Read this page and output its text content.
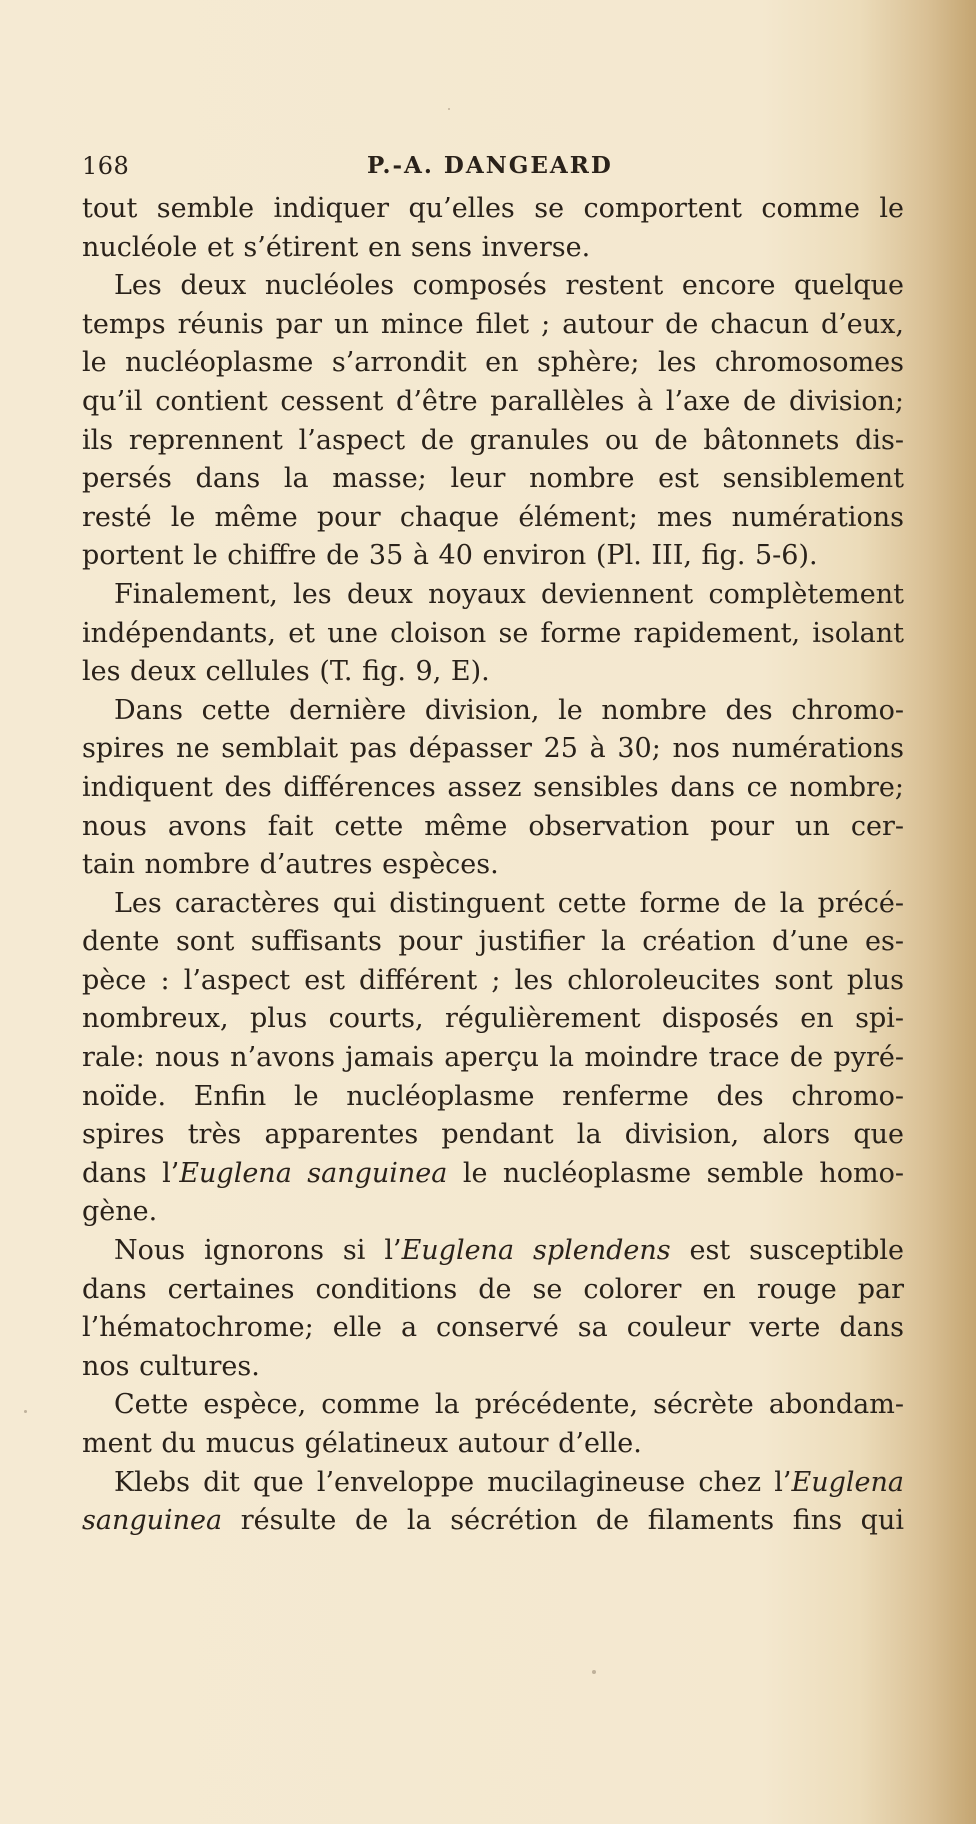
168	P.-A. DANGEARD
tout semble indiquer qu’elles se comportent comme le
nucléole et s’étirent en sens inverse.
Les deux nucléoles composés restent encore quelque
temps réunis par un mince filet ; autour de chacun d’eux,
le nucléoplasme s’arrondit en sphère; les chromosomes
qu’il contient cessent d’être parallèles à l’axe de division;
ils reprennent l’aspect de granules ou de bâtonnets dis-
persés dans la masse; leur nombre est sensiblement
resté le même pour chaque élément; mes numérations
portent le chiffre de 35 à 40 environ (Pl. III, fig. 5-6).
Finalement, les deux noyaux deviennent complètement
indépendants, et une cloison se forme rapidement, isolant
les deux cellules (T. fig. 9, E).
Dans cette dernière division, le nombre des chromo-
spires ne semblait pas dépasser 25 à 30; nos numérations
indiquent des différences assez sensibles dans ce nombre;
nous avons fait cette même observation pour un cer-
tain nombre d’autres espèces.
Les caractères qui distinguent cette forme de la précé-
dente sont suffisants pour justifier la création d’une es-
pèce : l’aspect est différent ; les chloroleucites sont plus
nombreux, plus courts, régulièrement disposés en spi-
rale: nous n’avons jamais aperçu la moindre trace de pyré-
noïde. Enfin le nucléoplasme renferme des chromo-
spires très apparentes pendant la division, alors que
dans l’Euglena sanguinea le nucléoplasme semble homo-
gène.
Nous ignorons si l’Euglena splendens est susceptible
dans certaines conditions de se colorer en rouge par
l’hématochrome; elle a conservé sa couleur verte dans
nos cultures.
Cette espèce, comme la précédente, sécrète abondam-
ment du mucus gélatineux autour d’elle.
Klebs dit que l’enveloppe mucilagineuse chez l’Euglena
sanguinea résulte de la sécrétion de filaments fins qui
